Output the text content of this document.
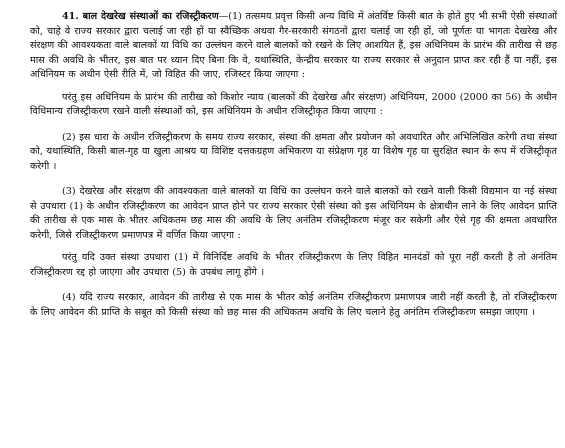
41. बाल देखरेख संस्थाओं का रजिस्ट्रीकरण—(1) तत्समय प्रवृत्त किसी अन्य विधि में अंतर्विष्ट किसी बात के होते हुए भी सभी ऐसी संस्थाओं को, चाहे वे राज्य सरकार द्वारा चलाई जा रही हों या स्वैच्छिक अथवा गैर-सरकारी संगठनों द्वारा चलाई जा रही हों, जो पूर्णतः या भागतः देखरेख और संरक्षण की आवश्यकता वाले बालकों या विधि का उल्लंघन करने वाले बालकों को रखने के लिए आशयित हैं, इस अधिनियम के प्रारंभ की तारीख से छह मास की अवधि के भीतर, इस बात पर ध्यान दिए बिना कि वे, यथास्थिति, केन्द्रीय सरकार या राज्य सरकार से अनुदान प्राप्त कर रही हैं या नहीं, इस अधिनियम क अधीन ऐसी रीति में, जो विहित की जाए, रजिस्टर किया जाएगा :

परंतु इस अधिनियम के प्रारंभ की तारीख को किशोर न्याय (बालकों की देखरेख और संरक्षण) अधिनियम, 2000 (2000 का 56) के अधीन विधिमान्य रजिस्ट्रीकरण रखने वाली संस्थाओं को, इस अधिनियम के अधीन रजिस्ट्रीकृत किया जाएगा :

(2) इस धारा के अधीन रजिस्ट्रीकरण के समय राज्य सरकार, संस्था की क्षमता और प्रयोजन को अवधारित और अभिलिखित करेगी तथा संस्था को, यथास्थिति, किसी बाल-गृह या खुला आश्रय या विशिष्ट दत्तकग्रहण अभिकरण या संप्रेक्षण गृह या विशेष गृह या सुरक्षित स्थान के रूप में रजिस्ट्रीकृत करेगी ।

(3) देखरेख और संरक्षण की आवश्यकता वाले बालकों या विधि का उल्लंघन करने वाले बालकों को रखने वाली किसी विद्यमान या नई संस्था से उपधारा (1) के अधीन रजिस्ट्रीकरण का आवेदन प्राप्त होने पर राज्य सरकार ऐसी संस्था को इस अधिनियम के क्षेत्राधीन लाने के लिए आवेदन प्राप्ति की तारीख से एक मास के भीतर अधिकतम छह मास की अवधि के लिए अनंतिम रजिस्ट्रीकरण मंजूर कर सकेगी और ऐसे गृह की क्षमता अवधारित करेगी, जिसे रजिस्ट्रीकरण प्रमाणपत्र में वर्णित किया जाएगा :

परंतु यदि उक्त संस्था उपधारा (1) में विनिर्दिष्ट अवधि के भीतर रजिस्ट्रीकरण के लिए विहित मानदंडों को पूरा नहीं करती है तो अनंतिम रजिस्ट्रीकरण रद्द हो जाएगा और उपधारा (5) के उपबंध लागू होंगे ।

(4) यदि राज्य सरकार, आवेदन की तारीख से एक मास के भीतर कोई अनंतिम रजिस्ट्रीकरण प्रमाणपत्र जारी नहीं करती है, तो रजिस्ट्रीकरण के लिए आवेदन की प्राप्ति के सबूत को किसी संस्था को छह मास की अधिकतम अवधि के लिए चलाने हेतु अनंतिम रजिस्ट्रीकरण समझा जाएगा ।
